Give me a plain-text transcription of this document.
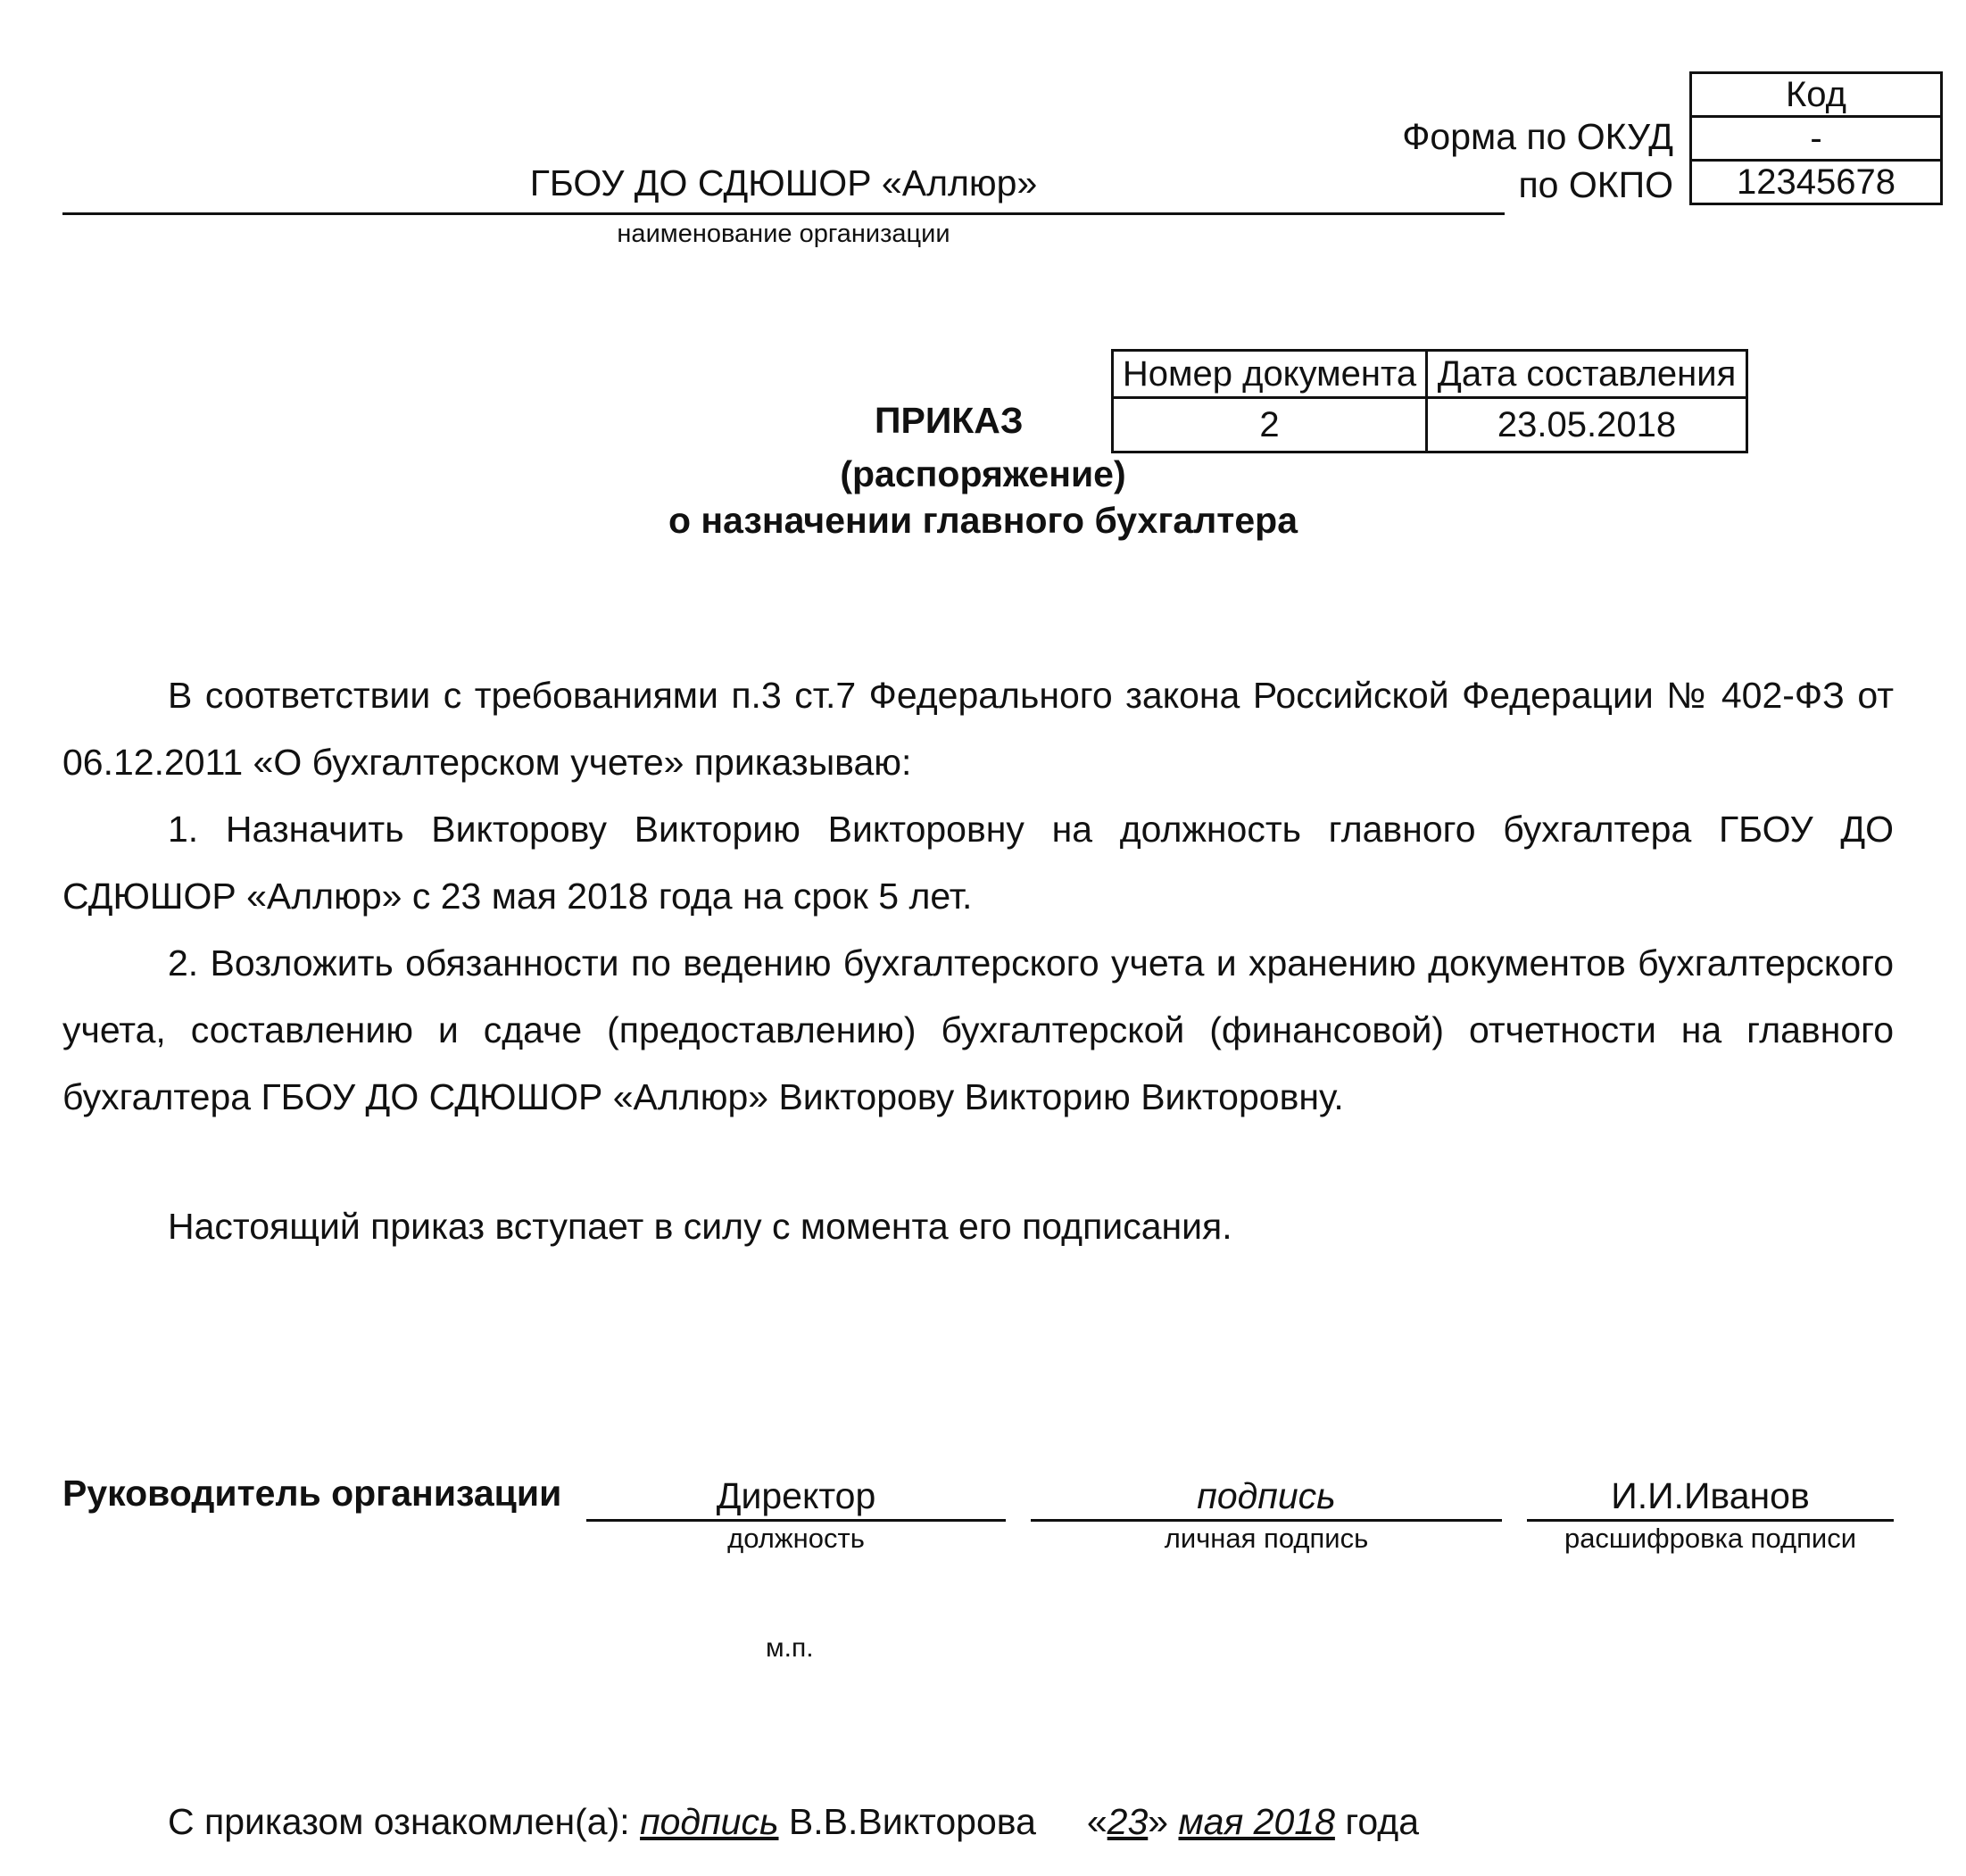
ГБОУ ДО СДЮШОР «Аллюр»
наименование организации
Форма по ОКУД
по ОКПО
Код
-
12345678
Номер документа	Дата составления
2	23.05.2018
ПРИКАЗ
(распоряжение)
о назначении главного бухгалтера

В соответствии с требованиями п.3 ст.7 Федерального закона Российской Федерации № 402-ФЗ от 06.12.2011 «О бухгалтерском учете» приказываю:

1. Назначить Викторову Викторию Викторовну на должность главного бухгалтера ГБОУ ДО СДЮШОР «Аллюр» с 23 мая 2018 года на срок 5 лет.

2. Возложить обязанности по ведению бухгалтерского учета и хранению документов бухгалтерского учета, составлению и сдаче (предоставлению) бухгалтерской (финансовой) отчетности на главного бухгалтера ГБОУ ДО СДЮШОР «Аллюр» Викторову Викторию Викторовну.

Настоящий приказ вступает в силу с момента его подписания.

Руководитель организации	Директор
должность
подпись
личная подпись
И.И.Иванов
расшифровка подписи
м.п.
С приказом ознакомлен(а): подпись В.В.Викторова     «23» мая 2018 года
